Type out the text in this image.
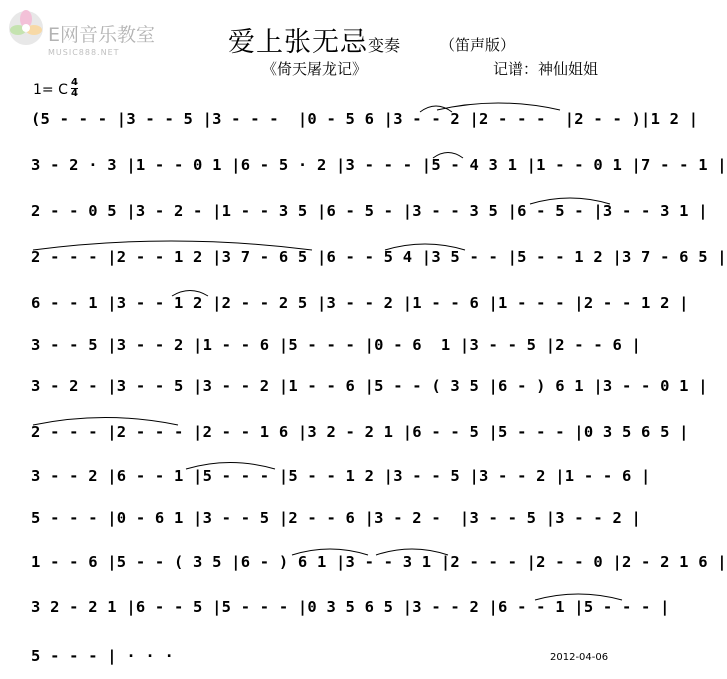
E网音乐教室
MUSIC888.NET	爱上张无忌变奏	（笛声版）
《倚天屠龙记》	记谱：神仙姐姐
1= C 4
4
(5 - - - |3 - - 5 |3 - - -  |0 - 5 6 |3 - - 2 |2 - - -  |2 - - )|1 2 |
3 - 2 · 3 |1 - - 0 1 |6 - 5 · 2 |3 - - - |5 - 4 3 1 |1 - - 0 1 |7 - - 1 |
2 - - 0 5 |3 - 2 - |1 - - 3 5 |6 - 5 - |3 - - 3 5 |6 - 5 - |3 - - 3 1 |
2 - - - |2 - - 1 2 |3 7 - 6 5 |6 - - 5 4 |3 5 - - |5 - - 1 2 |3 7 - 6 5 |
6 - - 1 |3 - - 1 2 |2 - - 2 5 |3 - - 2 |1 - - 6 |1 - - - |2 - - 1 2 |
3 - - 5 |3 - - 2 |1 - - 6 |5 - - - |0 - 6  1 |3 - - 5 |2 - - 6 |
3 - 2 - |3 - - 5 |3 - - 2 |1 - - 6 |5 - - ( 3 5 |6 - ) 6 1 |3 - - 0 1 |
2 - - - |2 - - - |2 - - 1 6 |3 2 - 2 1 |6 - - 5 |5 - - - |0 3 5 6 5 |
3 - - 2 |6 - - 1 |5 - - - |5 - - 1 2 |3 - - 5 |3 - - 2 |1 - - 6 |
5 - - - |0 - 6 1 |3 - - 5 |2 - - 6 |3 - 2 -  |3 - - 5 |3 - - 2 |
1 - - 6 |5 - - ( 3 5 |6 - ) 6 1 |3 - - 3 1 |2 - - - |2 - - 0 |2 - 2 1 6 |
3 2 - 2 1 |6 - - 5 |5 - - - |0 3 5 6 5 |3 - - 2 |6 - - 1 |5 - - - |
5 - - - | · · ·	2012-04-06
